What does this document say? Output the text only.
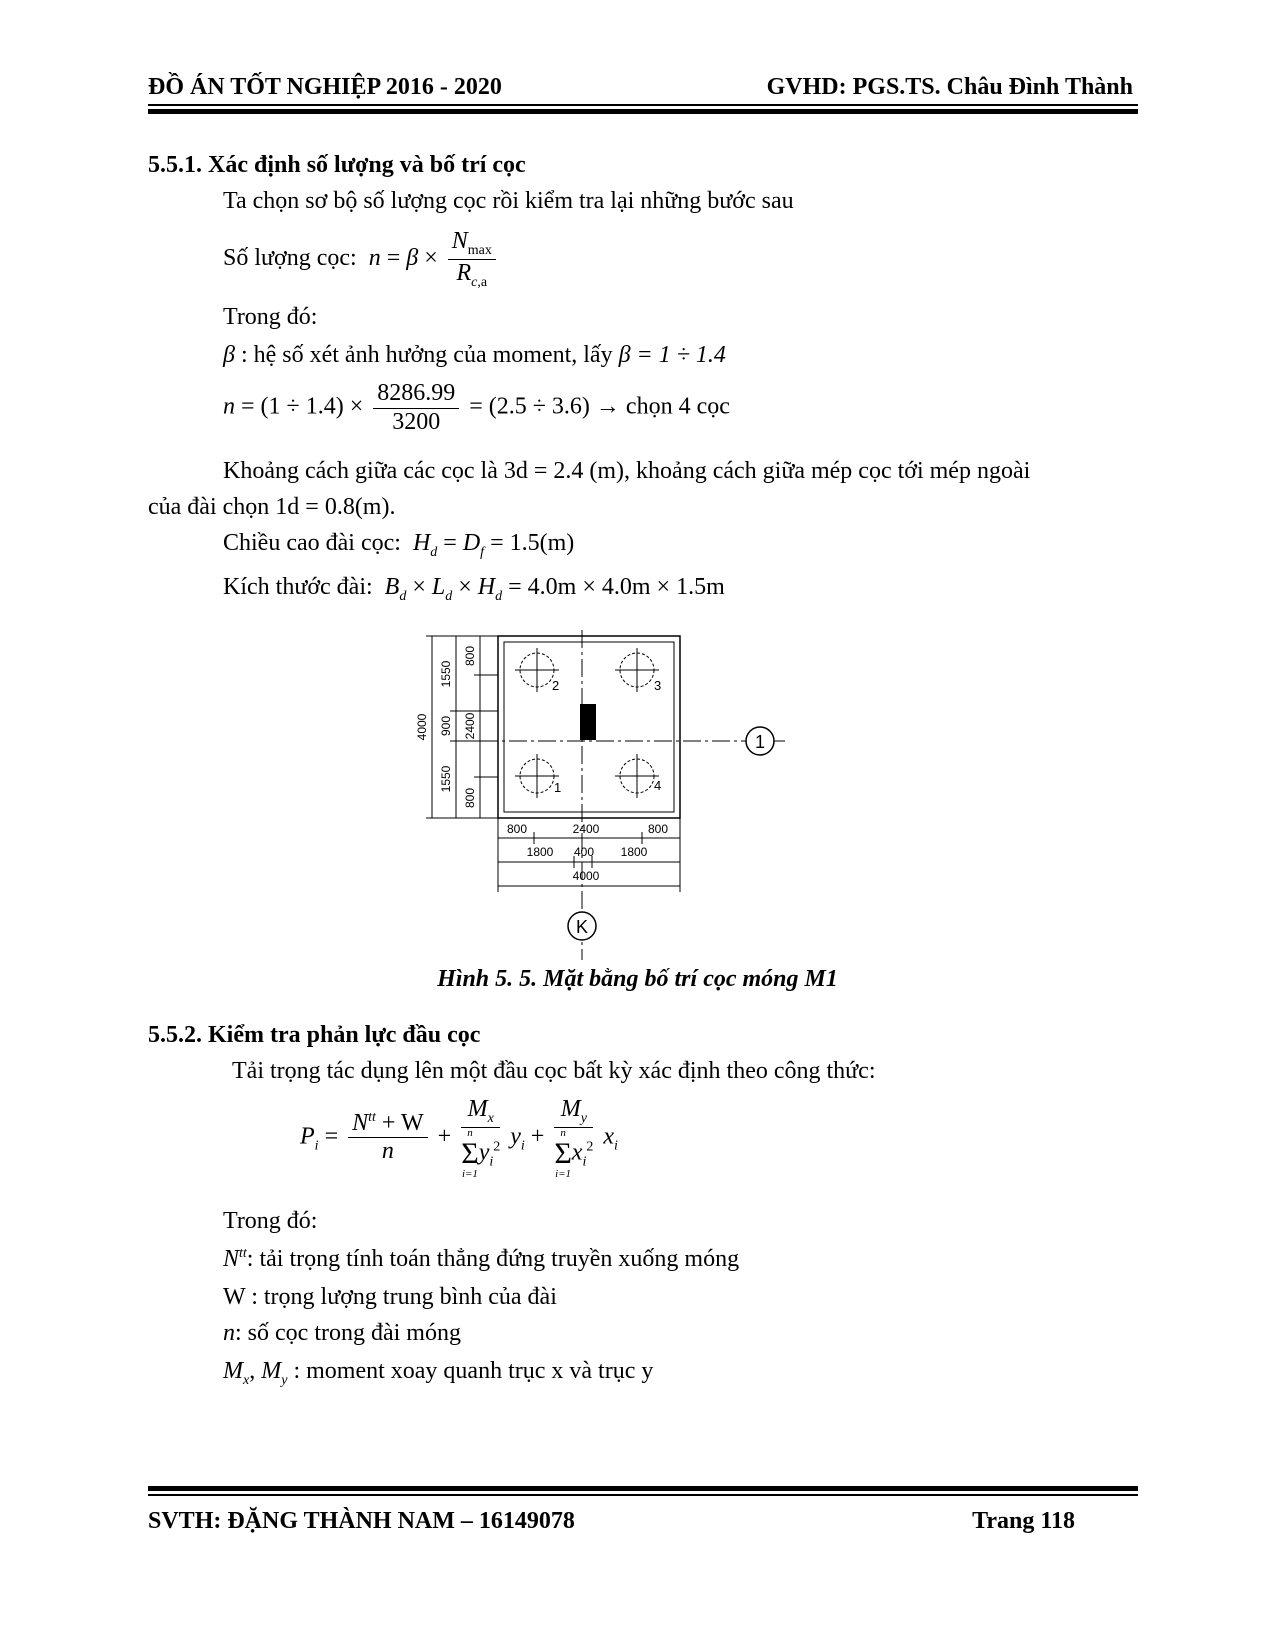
ĐỒ ÁN TỐT NGHIỆP 2016 - 2020	GVHD: PGS.TS. Châu Đình Thành
5.5.1. Xác định số lượng và bố trí cọc
Ta chọn sơ bộ số lượng cọc rồi kiểm tra lại những bước sau
Số lượng cọc:  $n = \beta \times \frac{N_{max}}{R_{c,a}}$
Trong đó:
β : hệ số xét ảnh hưởng của moment, lấy β = 1 ÷ 1.4
$n = (1 \div 1.4) \times \frac{8286.99}{3200} = (2.5 \div 3.6)$ → chọn 4 cọc
Khoảng cách giữa các cọc là 3d = 2.4 (m), khoảng cách giữa mép cọc tới mép ngoài
của đài chọn 1d = 0.8(m).
Chiều cao đài cọc: $H_d = D_f = 1.5(m)$
Kích thước đài: $B_d \times L_d \times H_d = 4.0m \times 4.0m \times 1.5m$
1
2	3
4
1
K
4000
1550
900
1550
800
2400
800
800	2400	800
1800 400 1800
4000
Hình 5. 5. Mặt bằng bố trí cọc móng M1
5.5.2. Kiểm tra phản lực đầu cọc
Tải trọng tác dụng lên một đầu cọc bất kỳ xác định theo công thức:
$P_i = \frac{N^{tt} + W}{n} + M_x$
n
Σ
i=1
$y_i^2$ $y_i + M_y$
n
Σ
i=1
$x_i^2$ $x_i$
Trong đó:
$N^{tt}$: tải trọng tính toán thẳng đứng truyền xuống móng
W : trọng lượng trung bình của đài
n: số cọc trong đài móng
$M_x$, $M_y$ : moment xoay quanh trục x và trục y
SVTH: ĐẶNG THÀNH NAM – 16149078	Trang 118
